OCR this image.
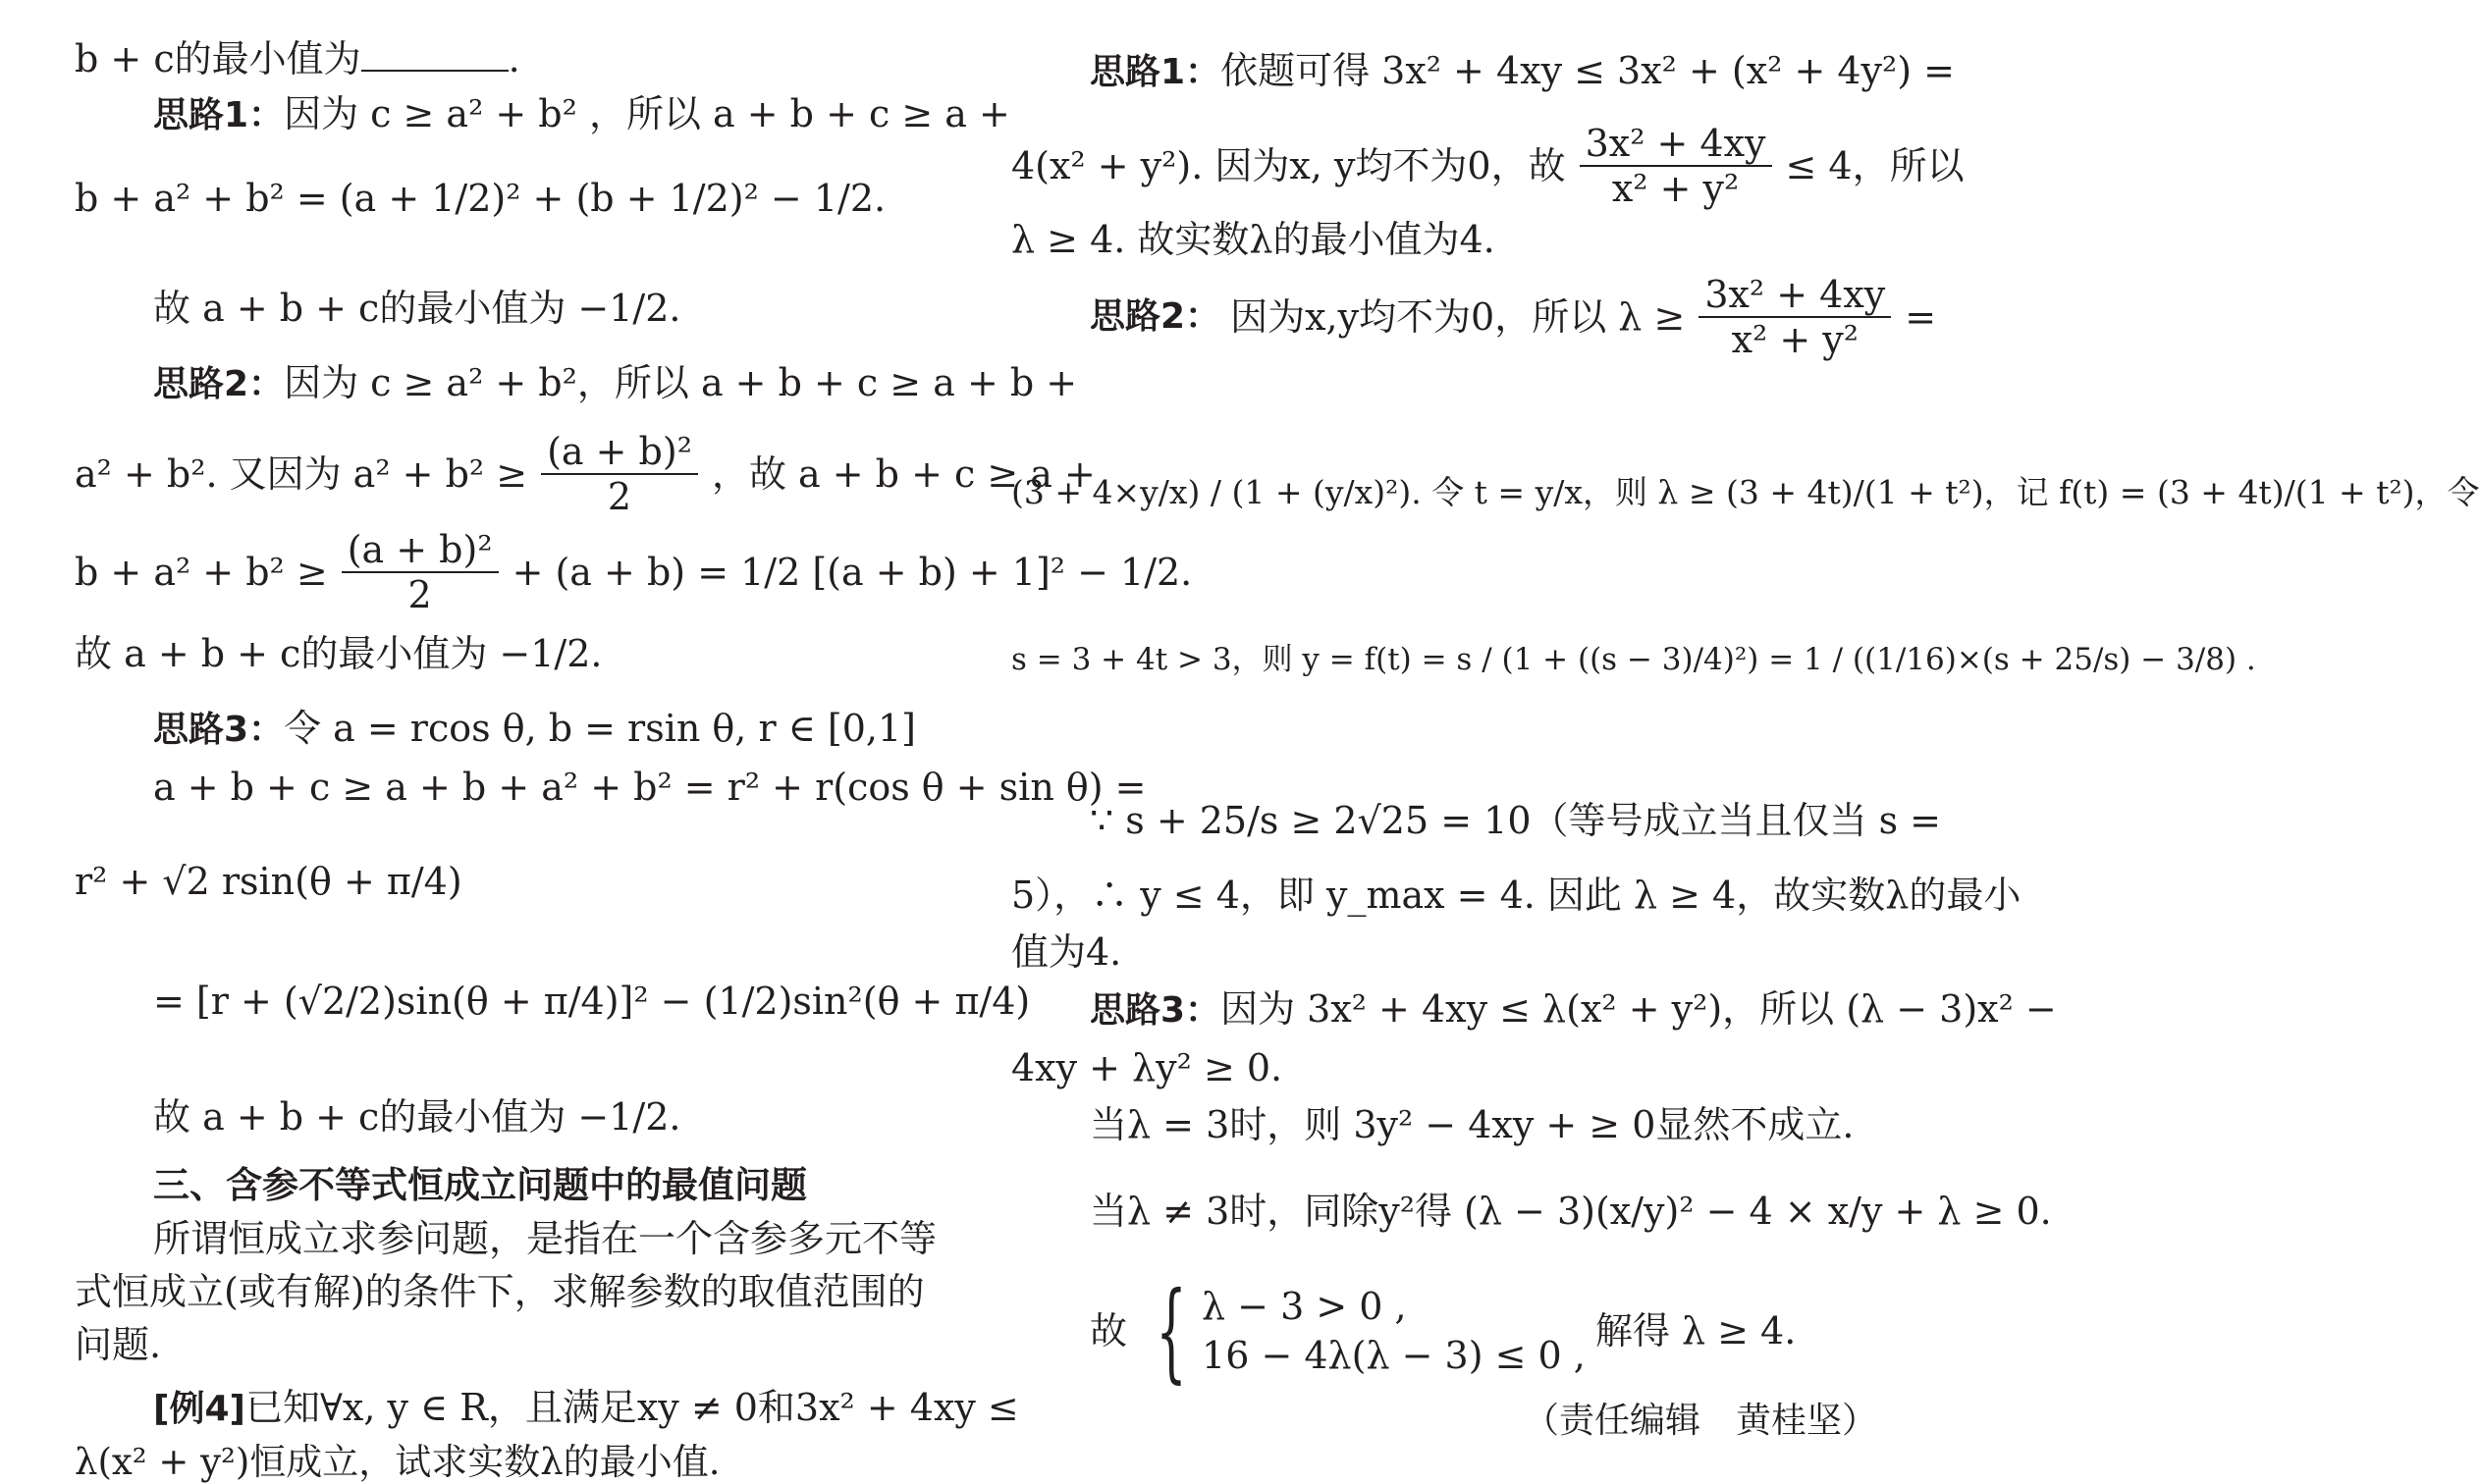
b + c的最小值为	.
思路1：因为 c ≥ a² + b² ，所以 a + b + c ≥ a +
b + a² + b² = (a + 1/2)² + (b + 1/2)² − 1/2.
故 a + b + c的最小值为 −1/2.
思路2：因为 c ≥ a² + b²，所以 a + b + c ≥ a + b +
a² + b². 又因为 $a^2 + b^2 \ge \frac{\text{(a + b)²}}{2}$ ，故 a + b + c ≥ a +
$b + a^2 + b^2 \ge \frac{\text{(a + b)²}}{2} + (a + b) = 1/2$ [(a + b) + 1]² − 1/2.
故 a + b + c的最小值为 −1/2.
思路3：令 a = rcos θ, b = rsin θ, r ∈ [0,1]
a + b + c ≥ a + b + a² + b² = r² + r(cos θ + sin θ) =
r² + √2 rsin(θ + π/4)
= [r + (√2/2)sin(θ + π/4)]² − (1/2)sin²(θ + π/4)
故 a + b + c的最小值为 −1/2.
三、含参不等式恒成立问题中的最值问题
所谓恒成立求参问题，是指在一个含参多元不等
式恒成立(或有解)的条件下，求解参数的取值范围的
问题.
[例4]已知∀x, y ∈ R，且满足xy ≠ 0和3x² + 4xy ≤
λ(x² + y²)恒成立，试求实数λ的最小值.
思路1：依题可得 3x² + 4xy ≤ 3x² + (x² + 4y²) =
4(x² + y²). 因为x, y均不为0，故 $\frac{\text{3x² + 4xy}}{\text{x² + y²}} \le 4$，所以
λ ≥ 4. 故实数λ的最小值为4.
思路2： 因为x,y均不为0，所以 $\lambda \ge \frac{\text{3x² + 4xy}}{\text{x² + y²}}$ =
(3 + 4×y/x) / (1 + (y/x)²). 令 t = y/x，则 λ ≥ (3 + 4t)/(1 + t²)，记 f(t) = (3 + 4t)/(1 + t²)，令
s = 3 + 4t > 3，则 y = f(t) = s / (1 + ((s − 3)/4)²) = 1 / ((1/16)×(s + 25/s) − 3/8) .
∵ s + 25/s ≥ 2√25 = 10（等号成立当且仅当 s =
5），∴ y ≤ 4，即 y_max = 4. 因此 λ ≥ 4，故实数λ的最小
值为4.
思路3：因为 3x² + 4xy ≤ λ(x² + y²)，所以 (λ − 3)x² −
4xy + λy² ≥ 0.
当λ = 3时，则 3y² − 4xy + ≥ 0显然不成立.
当λ ≠ 3时，同除y²得 (λ − 3)(x/y)² − 4 × x/y + λ ≥ 0.
故 { λ − 3 > 0 ,
16 − 4λ(λ − 3) ≤ 0 ,
解得 λ ≥ 4.
（责任编辑　黄桂坚）
